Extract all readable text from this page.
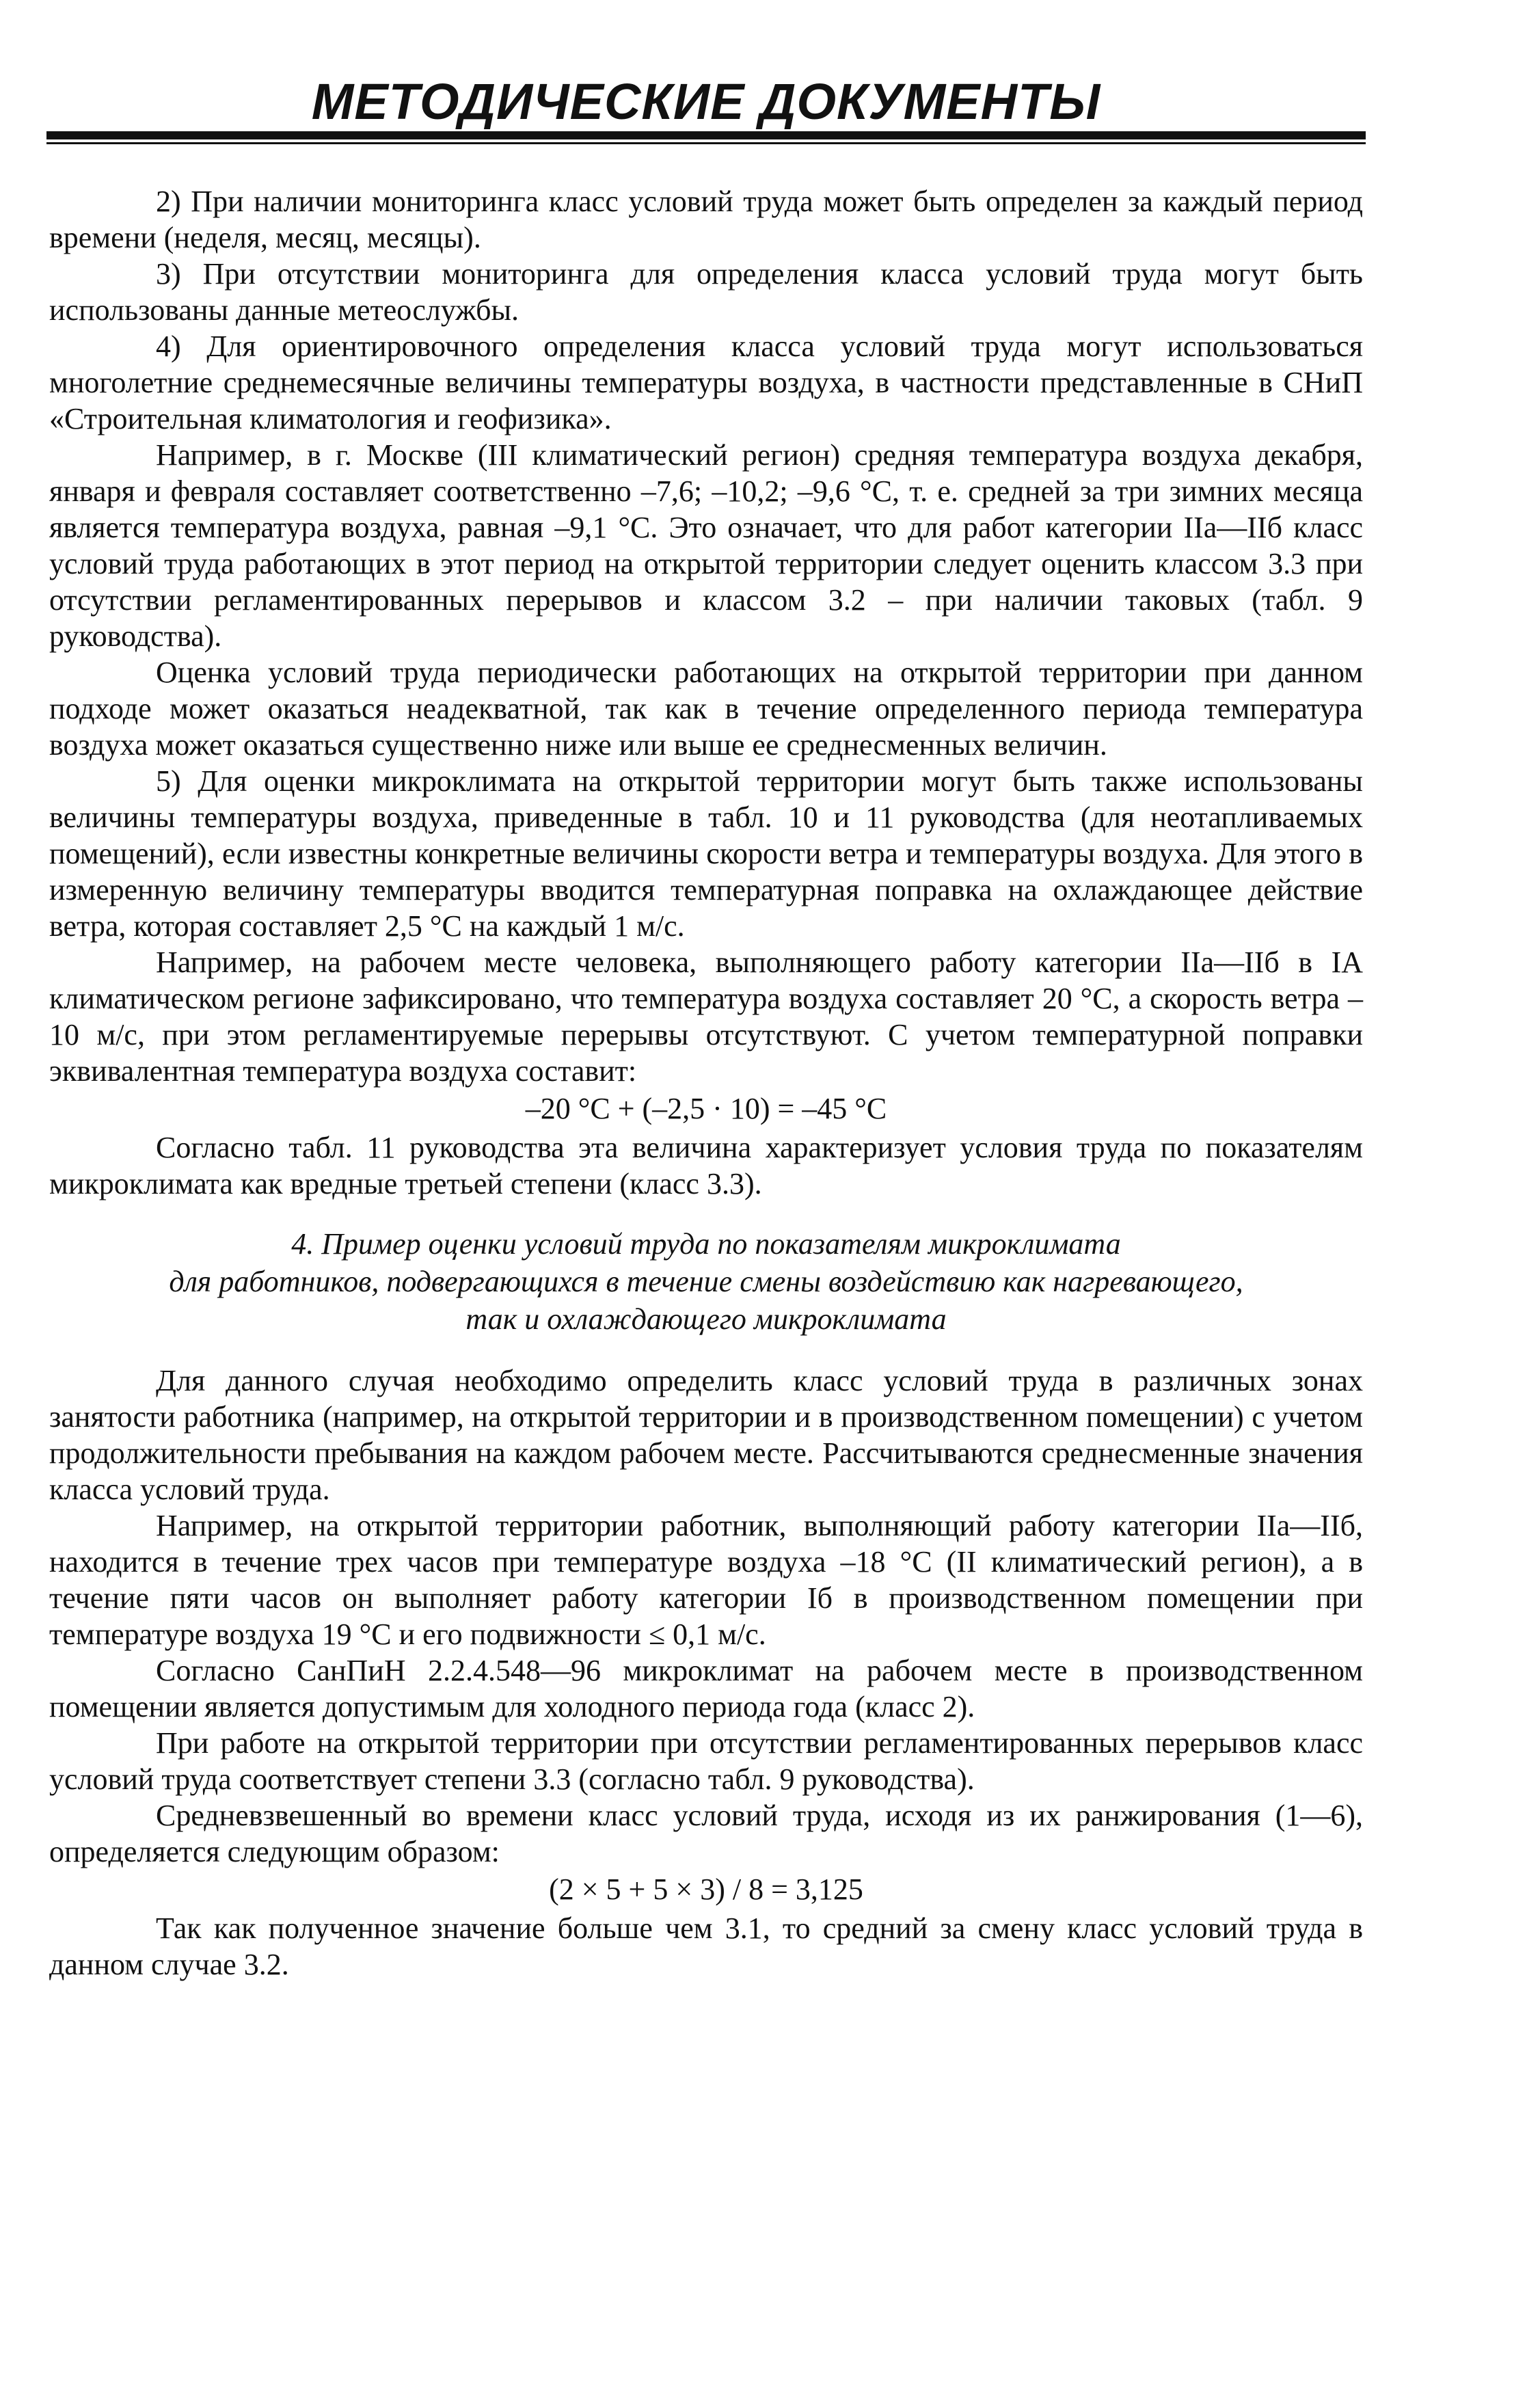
МЕТОДИЧЕСКИЕ ДОКУМЕНТЫ

2) При наличии мониторинга класс условий труда может быть определен за каждый период времени (неделя, месяц, месяцы).

3) При отсутствии мониторинга для определения класса условий труда могут быть использованы данные метеослужбы.

4) Для ориентировочного определения класса условий труда могут использоваться многолетние среднемесячные величины температуры воздуха, в частности представленные в СНиП «Строительная климатология и геофизика».

Например, в г. Москве (III климатический регион) средняя температура воздуха декабря, января и февраля составляет соответственно –7,6; –10,2; –9,6 °С, т. е. средней за три зимних месяца является температура воздуха, равная –9,1 °С. Это означает, что для работ категории IIа—IIб класс условий труда работающих в этот период на открытой территории следует оценить классом 3.3 при отсутствии регламентированных перерывов и классом 3.2 – при наличии таковых (табл. 9 руководства).

Оценка условий труда периодически работающих на открытой территории при данном подходе может оказаться неадекватной, так как в течение определенного периода температура воздуха может оказаться существенно ниже или выше ее среднесменных величин.

5) Для оценки микроклимата на открытой территории могут быть также использованы величины температуры воздуха, приведенные в табл. 10 и 11 руководства (для неотапливаемых помещений), если известны конкретные величины скорости ветра и температуры воздуха. Для этого в измеренную величину температуры вводится температурная поправка на охлаждающее действие ветра, которая составляет 2,5 °С на каждый 1 м/с.

Например, на рабочем месте человека, выполняющего работу категории IIа—IIб в IА климатическом регионе зафиксировано, что температура воздуха составляет 20 °С, а скорость ветра – 10 м/с, при этом регламентируемые перерывы отсутствуют. С учетом температурной поправки эквивалентная температура воздуха составит:

–20 °С + (–2,5 · 10) = –45 °С

Согласно табл. 11 руководства эта величина характеризует условия труда по показателям микроклимата как вредные третьей степени (класс 3.3).

4. Пример оценки условий труда по показателям микроклимата
для работников, подвергающихся в течение смены воздействию как нагревающего,
так и охлаждающего микроклимата

Для данного случая необходимо определить класс условий труда в различных зонах занятости работника (например, на открытой территории и в производственном помещении) с учетом продолжительности пребывания на каждом рабочем месте. Рассчитываются среднесменные значения класса условий труда.

Например, на открытой территории работник, выполняющий работу категории IIа—IIб, находится в течение трех часов при температуре воздуха –18 °С (II климатический регион), а в течение пяти часов он выполняет работу категории Iб в производственном помещении при температуре воздуха 19 °С и его подвижности ≤ 0,1 м/с.

Согласно СанПиН 2.2.4.548—96 микроклимат на рабочем месте в производственном помещении является допустимым для холодного периода года (класс 2).

При работе на открытой территории при отсутствии регламентированных перерывов класс условий труда соответствует степени 3.3 (согласно табл. 9 руководства).

Средневзвешенный во времени класс условий труда, исходя из их ранжирования (1—6), определяется следующим образом:

(2 × 5 + 5 × 3) / 8 = 3,125

Так как полученное значение больше чем 3.1, то средний за смену класс условий труда в данном случае 3.2.
